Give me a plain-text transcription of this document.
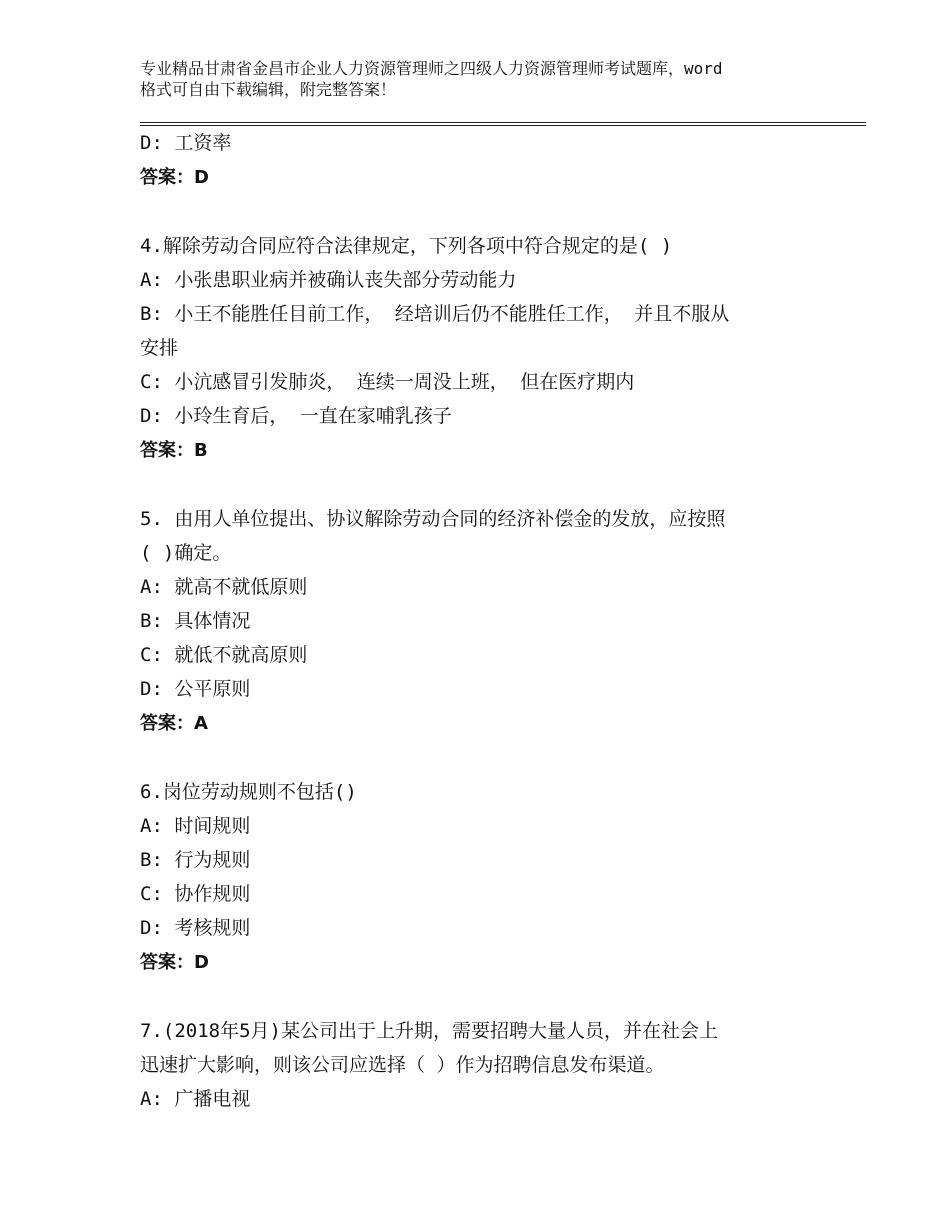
专业精品甘肃省金昌市企业人力资源管理师之四级人力资源管理师考试题库，word
格式可自由下载编辑，附完整答案！
D: 工资率
答案：D
4.解除劳动合同应符合法律规定，下列各项中符合规定的是( )
A: 小张患职业病并被确认丧失部分劳动能力
B: 小王不能胜任目前工作， 经培训后仍不能胜任工作， 并且不服从
安排
C: 小沆感冒引发肺炎， 连续一周没上班， 但在医疗期内
D: 小玲生育后， 一直在家哺乳孩子
答案：B
5. 由用人单位提出、协议解除劳动合同的经济补偿金的发放，应按照
( )确定。
A: 就高不就低原则
B: 具体情况
C: 就低不就高原则
D: 公平原则
答案：A
6.岗位劳动规则不包括()
A: 时间规则
B: 行为规则
C: 协作规则
D: 考核规则
答案：D
7.(2018年5月)某公司出于上升期，需要招聘大量人员，并在社会上
迅速扩大影响，则该公司应选择（ ）作为招聘信息发布渠道。
A: 广播电视
